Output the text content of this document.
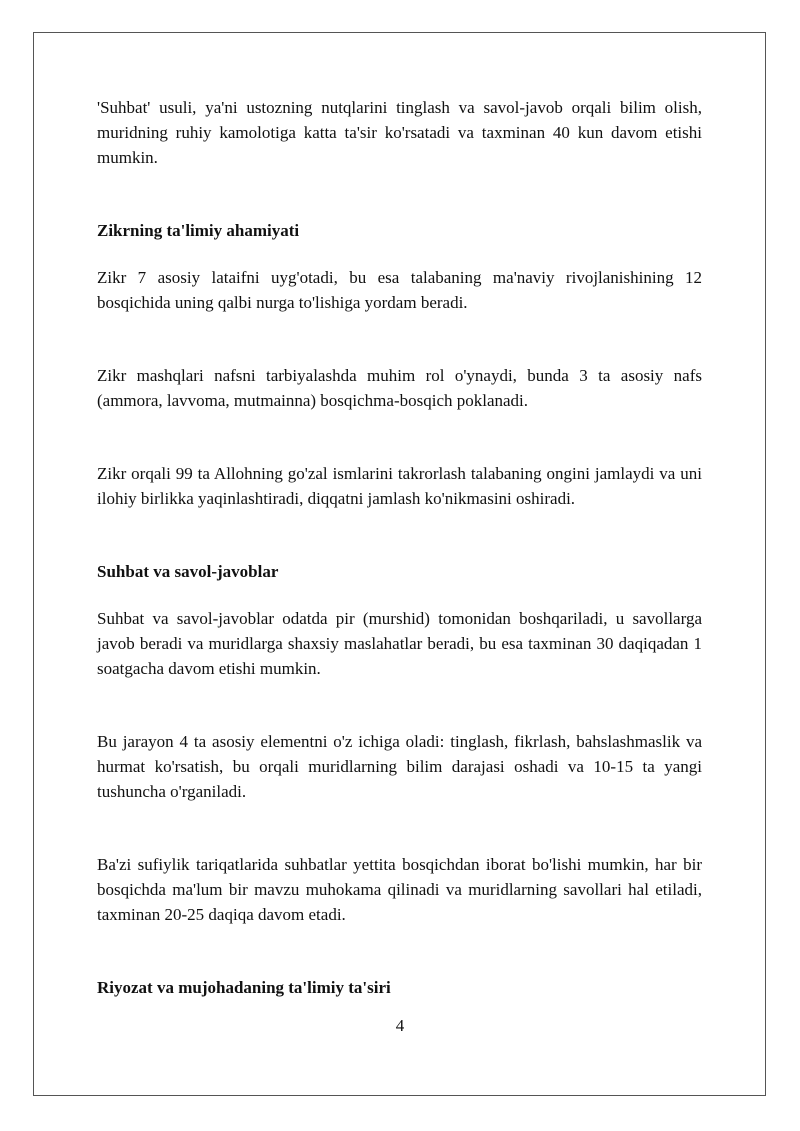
'Suhbat' usuli, ya'ni ustozning nutqlarini tinglash va savol-javob orqali bilim olish, muridning ruhiy kamolotiga katta ta'sir ko'rsatadi va taxminan 40 kun davom etishi mumkin.

Zikrning ta'limiy ahamiyati

Zikr 7 asosiy lataifni uyg'otadi, bu esa talabaning ma'naviy rivojlanishining 12 bosqichida uning qalbi nurga to'lishiga yordam beradi.

Zikr mashqlari nafsni tarbiyalashda muhim rol o'ynaydi, bunda 3 ta asosiy nafs (ammora, lavvoma, mutmainna) bosqichma-bosqich poklanadi.

Zikr orqali 99 ta Allohning go'zal ismlarini takrorlash talabaning ongini jamlaydi va uni ilohiy birlikka yaqinlashtiradi, diqqatni jamlash ko'nikmasini oshiradi.

Suhbat va savol-javoblar

Suhbat va savol-javoblar odatda pir (murshid) tomonidan boshqariladi, u savollarga javob beradi va muridlarga shaxsiy maslahatlar beradi, bu esa taxminan 30 daqiqadan 1 soatgacha davom etishi mumkin.

Bu jarayon 4 ta asosiy elementni o'z ichiga oladi: tinglash, fikrlash, bahslashmaslik va hurmat ko'rsatish, bu orqali muridlarning bilim darajasi oshadi va 10-15 ta yangi tushuncha o'rganiladi.

Ba'zi sufiylik tariqatlarida suhbatlar yettita bosqichdan iborat bo'lishi mumkin, har bir bosqichda ma'lum bir mavzu muhokama qilinadi va muridlarning savollari hal etiladi, taxminan 20-25 daqiqa davom etadi.

Riyozat va mujohadaning ta'limiy ta'siri
4
